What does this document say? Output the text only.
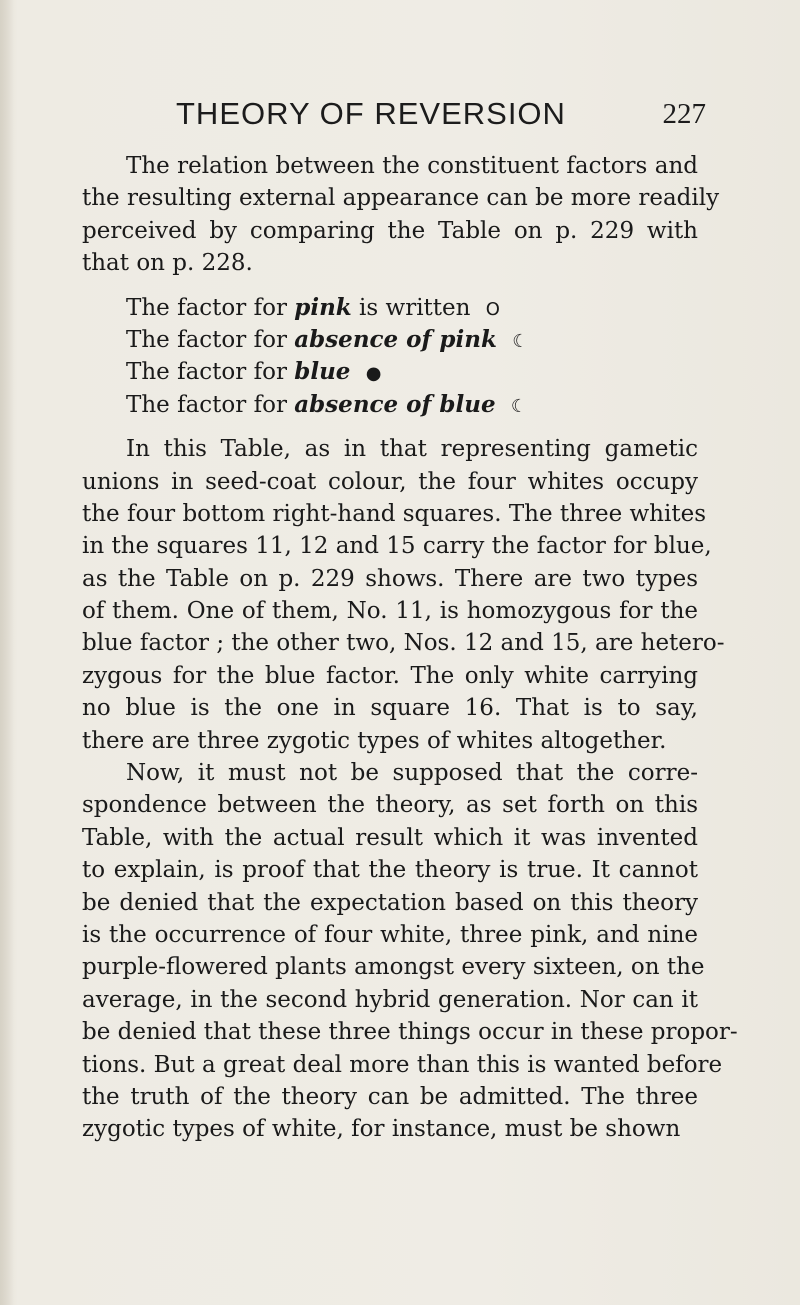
THEORY OF REVERSION	227
The relation between the constituent factors and
the resulting external appearance can be more readily
perceived by comparing the Table on p. 229 with
that on p. 228.
The factor for pink is written O
The factor for absence of pink ☾
The factor for blue ●
The factor for absence of blue ☾
In this Table, as in that representing gametic
unions in seed-coat colour, the four whites occupy
the four bottom right-hand squares. The three whites
in the squares 11, 12 and 15 carry the factor for blue,
as the Table on p. 229 shows. There are two types
of them. One of them, No. 11, is homozygous for the
blue factor ; the other two, Nos. 12 and 15, are hetero-
zygous for the blue factor. The only white carrying
no blue is the one in square 16. That is to say,
there are three zygotic types of whites altogether.
Now, it must not be supposed that the corre-
spondence between the theory, as set forth on this
Table, with the actual result which it was invented
to explain, is proof that the theory is true. It cannot
be denied that the expectation based on this theory
is the occurrence of four white, three pink, and nine
purple-flowered plants amongst every sixteen, on the
average, in the second hybrid generation. Nor can it
be denied that these three things occur in these propor-
tions. But a great deal more than this is wanted before
the truth of the theory can be admitted. The three
zygotic types of white, for instance, must be shown
